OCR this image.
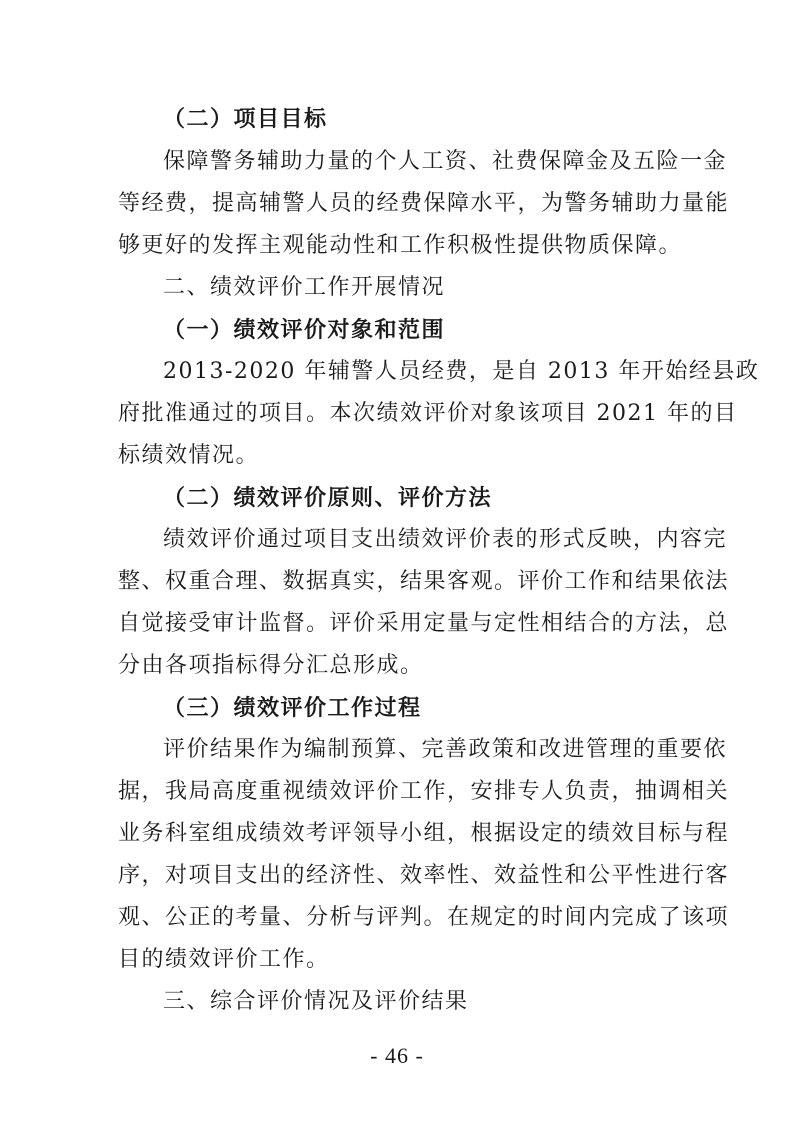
（二）项目目标
保障警务辅助力量的个人工资、社费保障金及五险一金
等经费，提高辅警人员的经费保障水平，为警务辅助力量能
够更好的发挥主观能动性和工作积极性提供物质保障。
二、绩效评价工作开展情况
（一）绩效评价对象和范围
2013-2020 年辅警人员经费，是自 2013 年开始经县政
府批准通过的项目。本次绩效评价对象该项目 2021 年的目
标绩效情况。
（二）绩效评价原则、评价方法
绩效评价通过项目支出绩效评价表的形式反映，内容完
整、权重合理、数据真实，结果客观。评价工作和结果依法
自觉接受审计监督。评价采用定量与定性相结合的方法，总
分由各项指标得分汇总形成。
（三）绩效评价工作过程
评价结果作为编制预算、完善政策和改进管理的重要依
据，我局高度重视绩效评价工作，安排专人负责，抽调相关
业务科室组成绩效考评领导小组，根据设定的绩效目标与程
序，对项目支出的经济性、效率性、效益性和公平性进行客
观、公正的考量、分析与评判。在规定的时间内完成了该项
目的绩效评价工作。
三、综合评价情况及评价结果
- 46 -
